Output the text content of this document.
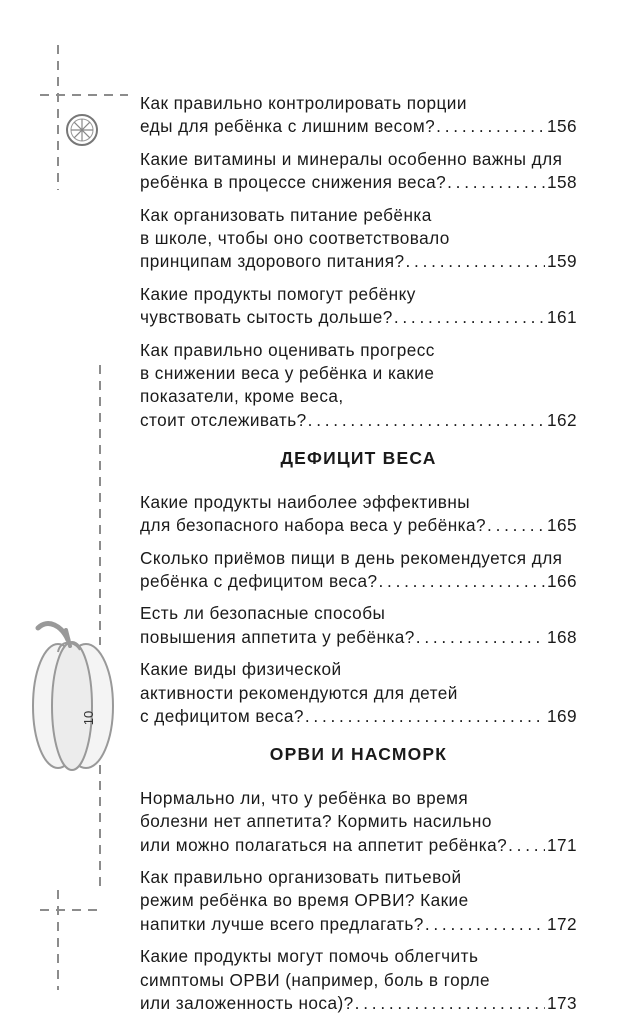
10
Как правильно контролировать порции
еды для ребёнка с лишним весом? . . .	156
Какие витамины и минералы особенно важны для
ребёнка в процессе снижения веса? . . .	158
Как организовать питание ребёнка
в школе, чтобы оно соответствовало
принципам здорового питания? . . .	159
Какие продукты помогут ребёнку
чувствовать сытость дольше? . . .	161
Как правильно оценивать прогресс
в снижении веса у ребёнка и какие
показатели, кроме веса,
стоит отслеживать? . . .	162
ДЕФИЦИТ ВЕСА
Какие продукты наиболее эффективны
для безопасного набора веса у ребёнка? . . .	165
Сколько приёмов пищи в день рекомендуется для
ребёнка с дефицитом веса? . . .	166
Есть ли безопасные способы
повышения аппетита у ребёнка? . . .	168
Какие виды физической
активности рекомендуются для детей
с дефицитом веса? . . .	169
ОРВИ И НАСМОРК
Нормально ли, что у ребёнка во время
болезни нет аппетита? Кормить насильно
или можно полагаться на аппетит ребёнка? . . . 171
Как правильно организовать питьевой
режим ребёнка во время ОРВИ? Какие
напитки лучше всего предлагать? . . .	172
Какие продукты могут помочь облегчить
симптомы ОРВИ (например, боль в горле
или заложенность носа)? . . .	173
